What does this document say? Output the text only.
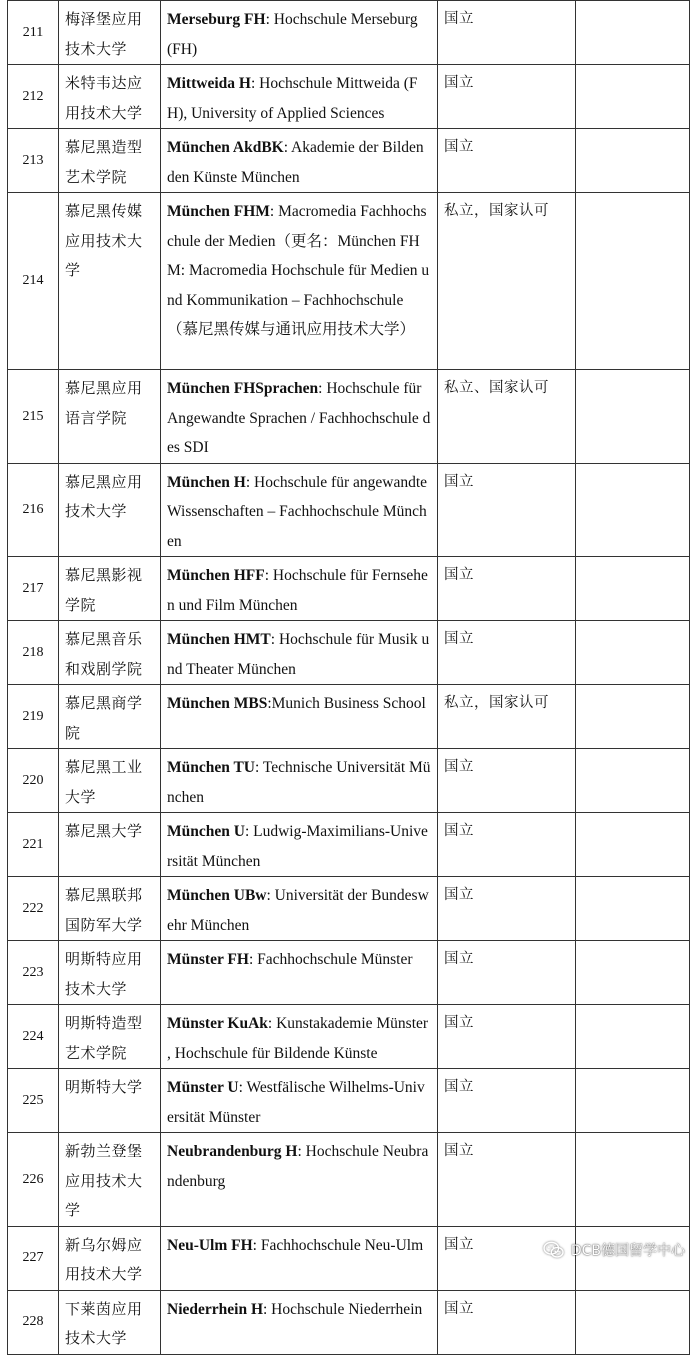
211	梅泽堡应用技术大学	Merseburg FH: Hochschule Merseburg (FH)	国立	
212	米特韦达应用技术大学	Mittweida H: Hochschule Mittweida (FH), University of Applied Sciences	国立	
213	慕尼黑造型艺术学院	München AkdBK: Akademie der Bildenden Künste München	国立	
214	慕尼黑传媒应用技术大学	München FHM: Macromedia Fachhochschule der Medien（更名：München FHM: Macromedia Hochschule für Medien und Kommunikation – Fachhochschule（慕尼黑传媒与通讯应用技术大学）	私立，国家认可	
215	慕尼黑应用语言学院	München FHSprachen: Hochschule für Angewandte Sprachen / Fachhochschule des SDI	私立、国家认可	
216	慕尼黑应用技术大学	München H: Hochschule für angewandte Wissenschaften – Fachhochschule München	国立	
217	慕尼黑影视学院	München HFF: Hochschule für Fernsehen und Film München	国立	
218	慕尼黑音乐和戏剧学院	München HMT: Hochschule für Musik und Theater München	国立	
219	慕尼黑商学院	München MBS:Munich Business School	私立，国家认可	
220	慕尼黑工业大学	München TU: Technische Universität München	国立	
221	慕尼黑大学	München U: Ludwig-Maximilians-Universität München	国立	
222	慕尼黑联邦国防军大学	München UBw: Universität der Bundeswehr München	国立	
223	明斯特应用技术大学	Münster FH: Fachhochschule Münster	国立	
224	明斯特造型艺术学院	Münster KuAk: Kunstakademie Münster , Hochschule für Bildende Künste	国立	
225	明斯特大学	Münster U: Westfälische Wilhelms-Universität Münster	国立	
226	新勃兰登堡应用技术大学	Neubrandenburg H: Hochschule Neubrandenburg	国立	
227	新乌尔姆应用技术大学	Neu-Ulm FH: Fachhochschule Neu-Ulm	国立	
228	下莱茵应用技术大学	Niederrhein H: Hochschule Niederrhein	国立	
DCB德国留学中心
